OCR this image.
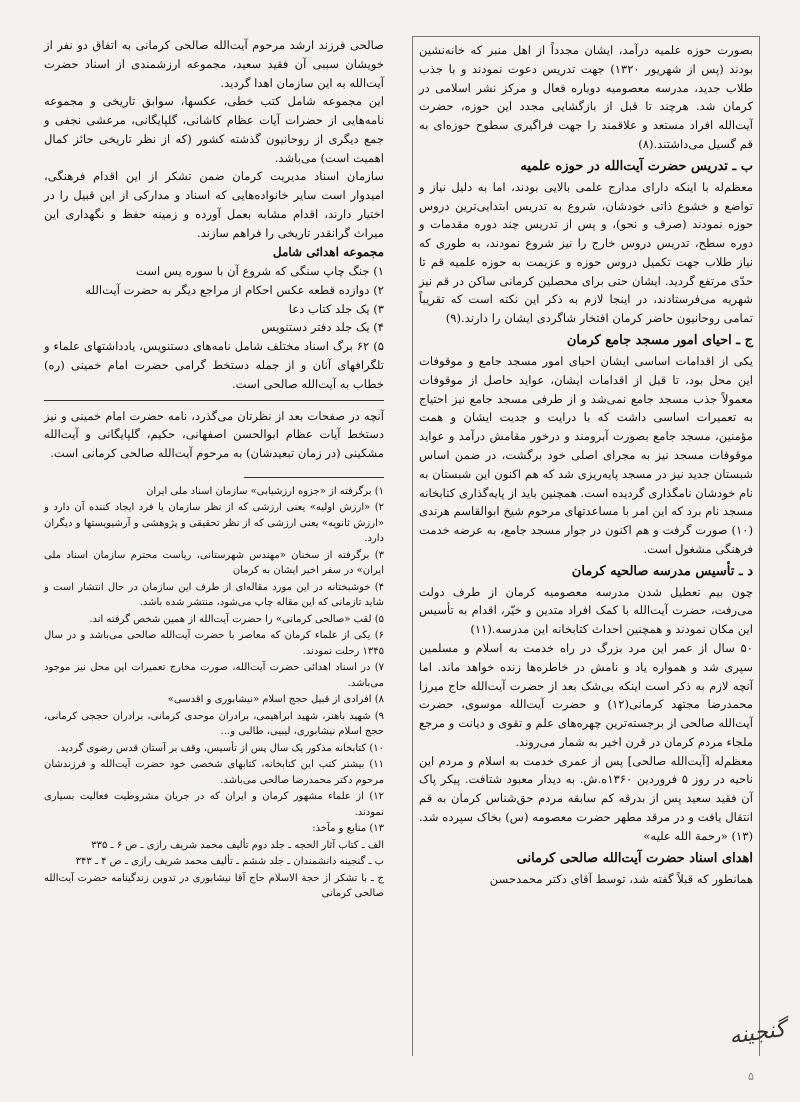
بصورت حوزه علمیه درآمد، ایشان مجدداً از اهل منبر که خانه‌نشین بودند (پس از شهریور ۱۳۲۰) جهت تدریس دعوت نمودند و با جذب طلاب جدید، مدرسه معصومیه دوباره فعال و مرکز نشر اسلامی در کرمان شد. هرچند تا قبل از بازگشایی مجدد این حوزه، حضرت آیت‌الله افراد مستعد و علاقمند را جهت فراگیری سطوح حوزه‌ای به قم گسیل می‌داشتند.(۸)

ب ـ تدریس حضرت آیت‌الله در حوزه علمیه

معظم‌له با اینکه دارای مدارج علمی بالایی بودند، اما به دلیل نیاز و تواضع و خشوع ذاتی خودشان، شروع به تدریس ابتدایی‌ترین دروس حوزه نمودند (صرف و نحو)، و پس از تدریس چند دوره مقدمات و دوره سطح، تدریس دروس خارج را نیز شروع نمودند، به طوری که نیاز طلاب جهت تکمیل دروس حوزه و عزیمت به حوزه علمیه قم تا حدّی مرتفع گردید. ایشان حتی برای محصلین کرمانی ساکن در قم نیز شهریه می‌فرستادند، در اینجا لازم به ذکر این نکته است که تقریباً تمامی روحانیون حاضر کرمان افتخار شاگردی ایشان را دارند.(۹)

ج ـ احیای امور مسجد جامع کرمان

یکی از اقدامات اساسی ایشان احیای امور مسجد جامع و موقوفات این محل بود، تا قبل از اقدامات ایشان، عواید حاصل از موقوفات معمولاً جذب مسجد جامع نمی‌شد و از طرفی مسجد جامع نیز احتیاج به تعمیرات اساسی داشت که با درایت و جدیت ایشان و همت مؤمنین، مسجد جامع بصورت آبرومند و درخور مقامش درآمد و عواید موقوفات مسجد نیز به مجرای اصلی خود برگشت، در ضمن اساس شبستان جدید نیز در مسجد پایه‌ریزی شد که هم اکنون این شبستان به نام خودشان نامگذاری گردیده است. همچنین باید از پایه‌گذاری کتابخانه مسجد نام برد که این امر با مساعدتهای مرحوم شیخ ابوالقاسم هرندی (۱۰) صورت گرفت و هم اکنون در جوار مسجد جامع، به عرضه خدمت فرهنگی مشغول است.

د ـ تأسیس مدرسه صالحیه کرمان

چون بیم تعطیل شدن مدرسه معصومیه کرمان از طرف دولت می‌رفت، حضرت آیت‌الله با کمک افراد متدین و خیّر، اقدام به تأسیس این مکان نمودند و همچنین احداث کتابخانه این مدرسه.(۱۱)

۵۰ سال از عمر این مرد بزرگ در راه خدمت به اسلام و مسلمین سپری شد و همواره یاد و نامش در خاطره‌ها زنده خواهد ماند. اما آنچه لازم به ذکر است اینکه بی‌شک بعد از حضرت آیت‌الله حاج میرزا محمدرضا مجتهد کرمانی(۱۲) و حضرت آیت‌الله موسوی، حضرت آیت‌الله صالحی از برجسته‌ترین چهره‌های علم و تقوی و دیانت و مرجع ملجاء مردم کرمان در قرن اخیر به شمار می‌روند.

معظم‌له [آیت‌الله صالحی] پس از عمری خدمت به اسلام و مردم این ناحیه در روز ۵ فروردین ۱۳۶۰ه.ش. به دیدار معبود شتافت. پیکر پاک آن فقید سعید پس از بدرقه کم سابقه مردم حق‌شناس کرمان به قم انتقال یافت و در مرقد مطهر حضرت معصومه (س) بخاک سپرده شد.(۱۳) «رحمة الله علیه»

اهدای اسناد حضرت آیت‌الله صالحی کرمانی

همانطور که قبلاً گفته شد، توسط آقای دکتر محمدحسن

صالحی فرزند ارشد مرحوم آیت‌الله صالحی کرمانی به اتفاق دو نفر از خویشان سببی آن فقید سعید، مجموعه ارزشمندی از اسناد حضرت آیت‌الله به این سازمان اهدا گردید.

این مجموعه شامل کتب خطی، عکسها، سوابق تاریخی و مجموعه نامه‌هایی از حضرات آیات عظام کاشانی، گلپایگانی، مرعشی نجفی و جمع دیگری از روحانیون گذشته کشور (که از نظر تاریخی حائز کمال اهمیت است) می‌باشد.

سازمان اسناد مدیریت کرمان ضمن تشکر از این اقدام فرهنگی، امیدوار است سایر خانواده‌هایی که اسناد و مدارکی از این قبیل را در اختیار دارند، اقدام مشابه بعمل آورده و زمینه حفظ و نگهداری این میراث گرانقدر تاریخی را فراهم سازند.

مجموعه اهدائی شامل
۱) جنگ چاپ سنگی که شروع آن با سوره یس است
۲) دوازده قطعه عکس احکام از مراجع دیگر به حضرت آیت‌الله
۳) یک جلد کتاب دعا
۴) یک جلد دفتر دستنویس
۵) ۶۲ برگ اسناد مختلف شامل نامه‌های دستنویس، یادداشتهای علماء و تلگرافهای آنان و از جمله دستخط گرامی حضرت امام خمینی (ره) خطاب به آیت‌الله صالحی است.

آنچه در صفحات بعد از نظرتان می‌گذرد، نامه حضرت امام خمینی و نیز دستخط آیات عظام ابوالحسن اصفهانی، حکیم، گلپایگانی و آیت‌الله مشکینی (در زمان تبعیدشان) به مرحوم آیت‌الله صالحی کرمانی است.

۱) برگرفته از «جزوه ارزشیابی» سازمان اسناد ملی ایران
۲) «ارزش اولیه» یعنی ارزشی که از نظر سازمان یا فرد ایجاد کننده آن دارد و «ارزش ثانویه» یعنی ارزشی که از نظر تحقیقی و پژوهشی و آرشیویستها و دیگران دارد.
۳) برگرفته از سخنان «مهندس شهرستانی، ریاست محترم سازمان اسناد ملی ایران» در سفر اخیر ایشان به کرمان
۴) خوشبختانه در این مورد مقاله‌ای از طرف این سازمان در حال انتشار است و شاید تازمانی که این مقاله چاپ می‌شود، منتشر شده باشد.
۵) لقب «صالحی کرمانی» را حضرت آیت‌الله از همین شخص گرفته اند.
۶) یکی از علماء کرمان که معاصر با حضرت آیت‌الله صالحی می‌باشد و در سال ۱۳۴۵ رحلت نمودند.
۷) در اسناد اهدائی حضرت آیت‌الله، صورت مخارج تعمیرات این محل نیز موجود می‌باشد.
۸) افرادی از قبیل حجج اسلام «نیشابوری و اقدسی»
۹) شهید باهنر، شهید ابراهیمی، برادران موحدی کرمانی، برادران حججی کرمانی، حجج اسلام نیشابوری، لیبیی، طالبی و...
۱۰) کتابخانه مذکور یک سال پس از تأسیس، وقف بر آستان قدس رضوی گردید.
۱۱) بیشتر کتب این کتابخانه، کتابهای شخصی خود حضرت آیت‌الله و فرزندشان مرحوم دکتر محمدرضا صالحی می‌باشد.
۱۲) از علماء مشهور کرمان و ایران که در جریان مشروطیت فعالیت بسیاری نمودند.
۱۳) منابع و مآخذ:
الف ـ کتاب آثار الحجه ـ جلد دوم تألیف محمد شریف رازی ـ ص ۶ ـ ۳۳۵
ب ـ گنجینه دانشمندان ـ جلد ششم ـ تألیف محمد شریف رازی ـ ص ۴ ـ ۳۴۳
ج ـ با تشکر از حجة الاسلام حاج آقا نیشابوری در تدوین زندگینامه حضرت آیت‌الله صالحی کرمانی
گنجینه
۵
